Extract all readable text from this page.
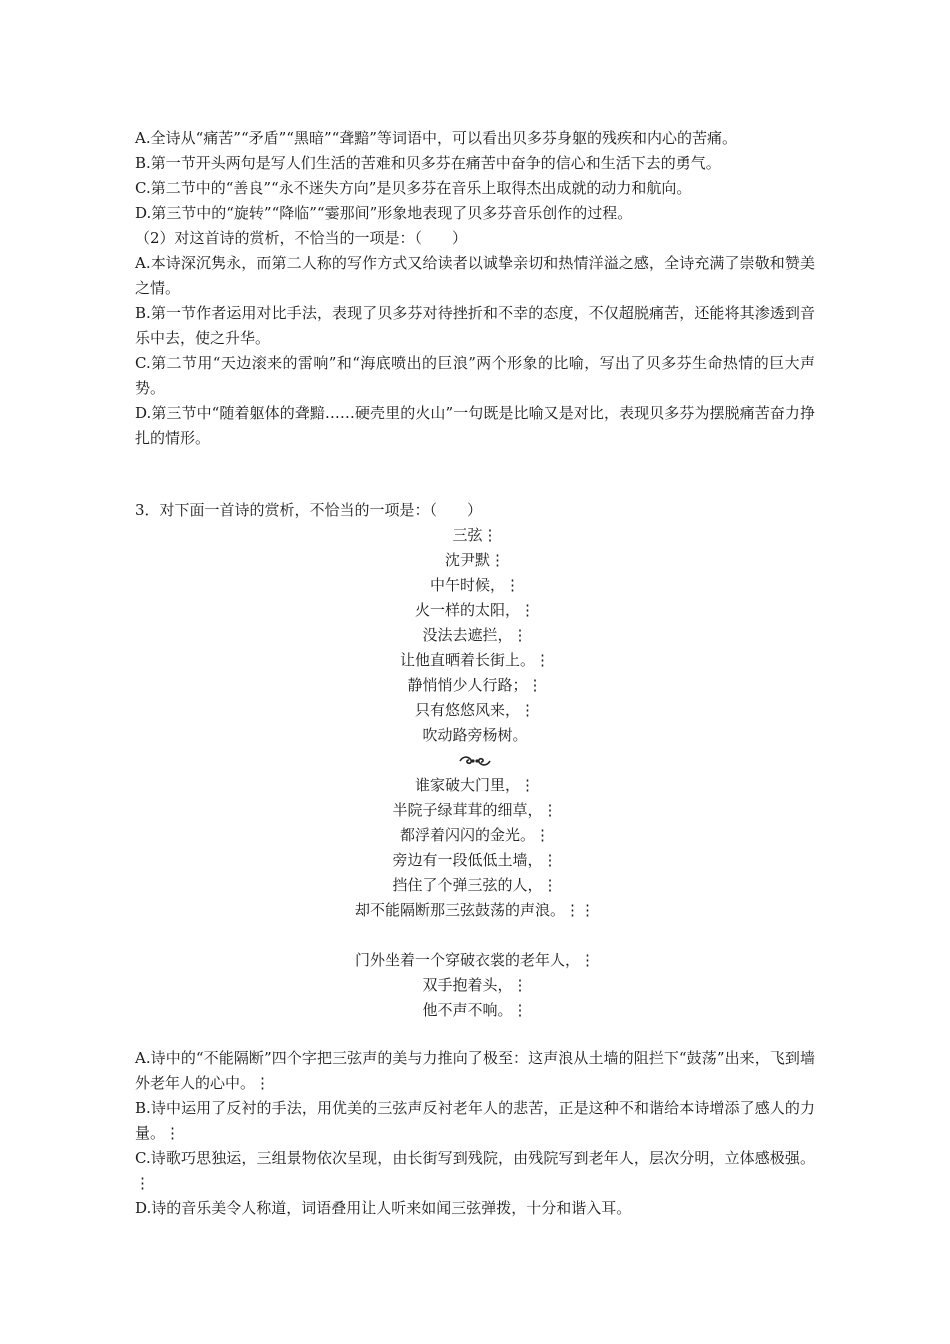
A.全诗从“痛苦”“矛盾”“黑暗”“聋黯”等词语中，可以看出贝多芬身躯的残疾和内心的苦痛。
B.第一节开头两句是写人们生活的苦难和贝多芬在痛苦中奋争的信心和生活下去的勇气。
C.第二节中的“善良”“永不迷失方向”是贝多芬在音乐上取得杰出成就的动力和航向。
D.第三节中的“旋转”“降临”“霎那间”形象地表现了贝多芬音乐创作的过程。
（2）对这首诗的赏析，不恰当的一项是：（　　）
A.本诗深沉隽永，而第二人称的写作方式又给读者以诚挚亲切和热情洋溢之感，全诗充满了崇敬和赞美之情。
B.第一节作者运用对比手法，表现了贝多芬对待挫折和不幸的态度，不仅超脱痛苦，还能将其渗透到音乐中去，使之升华。
C.第二节用“天边滚来的雷响”和“海底喷出的巨浪”两个形象的比喻，写出了贝多芬生命热情的巨大声势。
D.第三节中“随着躯体的聋黯……硬壳里的火山”一句既是比喻又是对比，表现贝多芬为摆脱痛苦奋力挣扎的情形。
3．对下面一首诗的赏析，不恰当的一项是：（　　）
三弦⋮
沈尹默⋮
中午时候，⋮
火一样的太阳，⋮
没法去遮拦，⋮
让他直晒着长街上。⋮
静悄悄少人行路；⋮
只有悠悠风来，⋮
吹动路旁杨树。
谁家破大门里，⋮
半院子绿茸茸的细草，⋮
都浮着闪闪的金光。⋮
旁边有一段低低土墙，⋮
挡住了个弹三弦的人，⋮
却不能隔断那三弦鼓荡的声浪。⋮⋮
门外坐着一个穿破衣裳的老年人，⋮
双手抱着头，⋮
他不声不响。⋮
A.诗中的“不能隔断”四个字把三弦声的美与力推向了极至：这声浪从土墙的阻拦下“鼓荡”出来，飞到墙外老年人的心中。⋮
B.诗中运用了反衬的手法，用优美的三弦声反衬老年人的悲苦，正是这种不和谐给本诗增添了感人的力量。⋮
C.诗歌巧思独运，三组景物依次呈现，由长街写到残院，由残院写到老年人，层次分明，立体感极强。⋮
D.诗的音乐美令人称道，词语叠用让人听来如闻三弦弹拨，十分和谐入耳。
